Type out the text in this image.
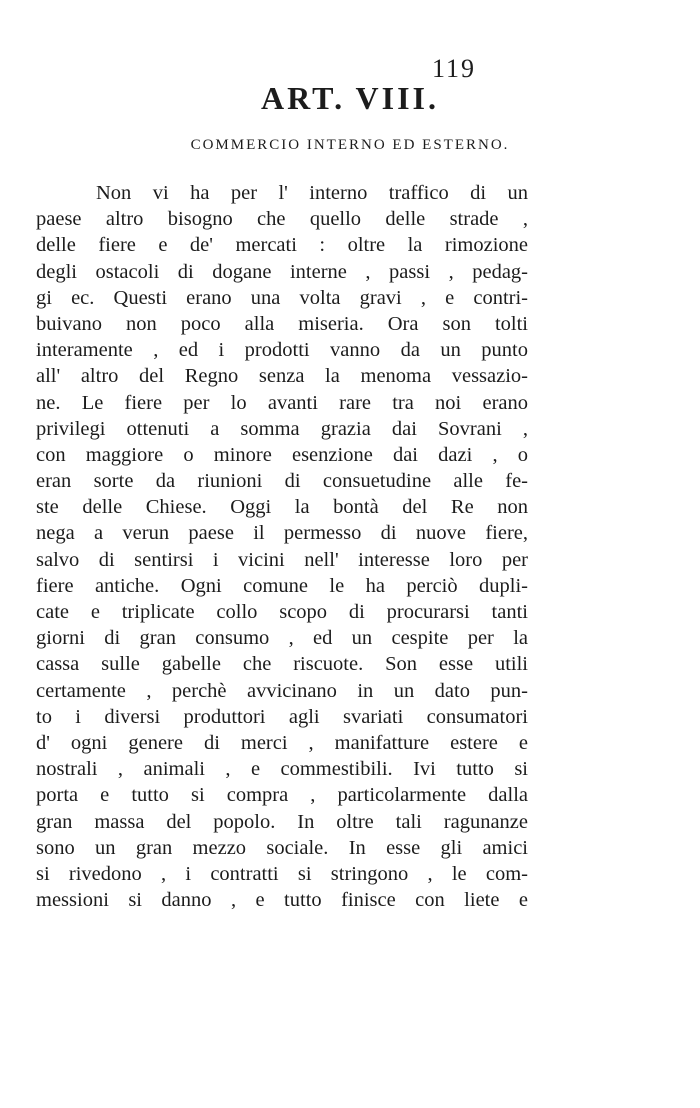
119
ART. VIII.
COMMERCIO INTERNO ED ESTERNO.
Non vi ha per l' interno traffico di un
paese altro bisogno che quello delle strade ,
delle fiere e de' mercati : oltre la rimozione
degli ostacoli di dogane interne , passi , pedag-
gi ec. Questi erano una volta gravi , e contri-
buivano non poco alla miseria. Ora son tolti
interamente , ed i prodotti vanno da un punto
all' altro del Regno senza la menoma vessazio-
ne. Le fiere per lo avanti rare tra noi erano
privilegi ottenuti a somma grazia dai Sovrani ,
con maggiore o minore esenzione dai dazi , o
eran sorte da riunioni di consuetudine alle fe-
ste delle Chiese. Oggi la bontà del Re non
nega a verun paese il permesso di nuove fiere,
salvo di sentirsi i vicini nell' interesse loro per
fiere antiche. Ogni comune le ha perciò dupli-
cate e triplicate collo scopo di procurarsi tanti
giorni di gran consumo , ed un cespite per la
cassa sulle gabelle che riscuote. Son esse utili
certamente , perchè avvicinano in un dato pun-
to i diversi produttori agli svariati consumatori
d' ogni genere di merci , manifatture estere e
nostrali , animali , e commestibili. Ivi tutto si
porta e tutto si compra , particolarmente dalla
gran massa del popolo. In oltre tali ragunanze
sono un gran mezzo sociale. In esse gli amici
si rivedono , i contratti si stringono , le com-
messioni si danno , e tutto finisce con liete e
